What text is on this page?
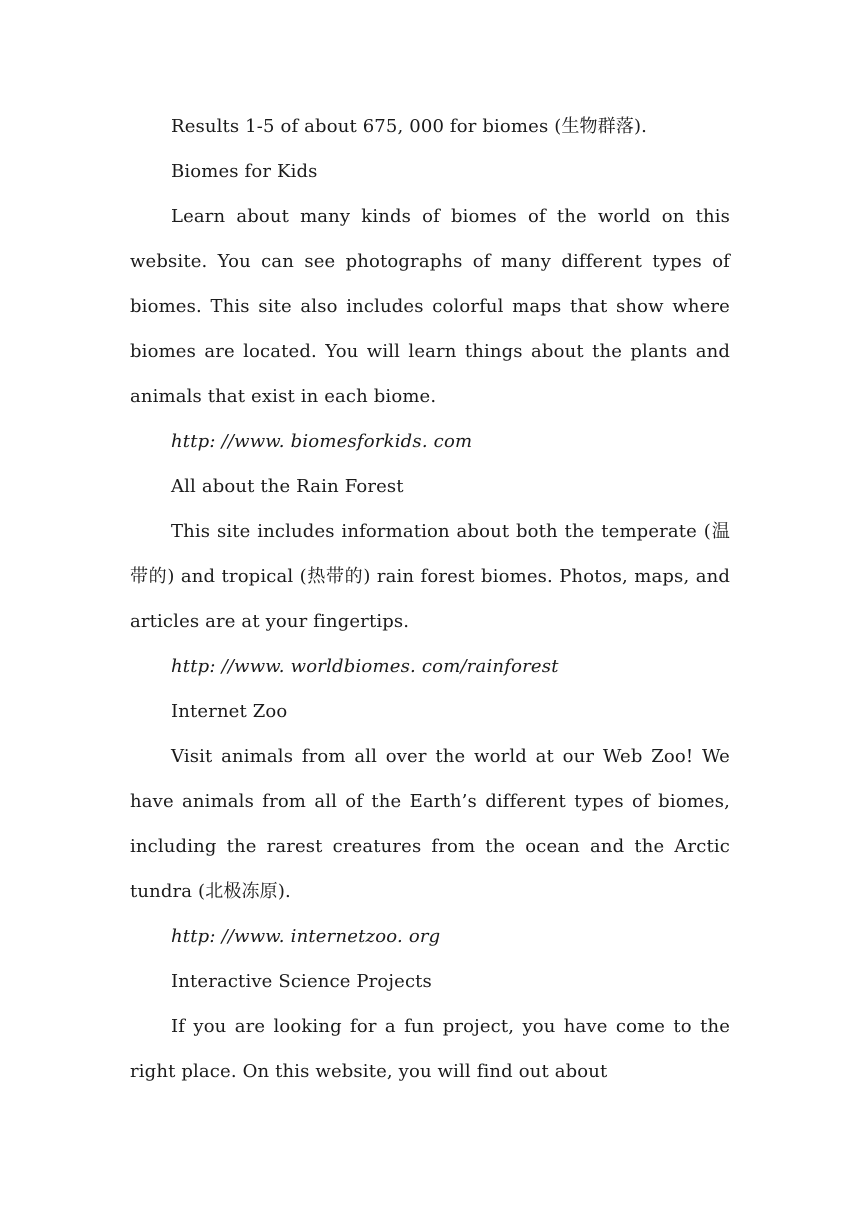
Results 1-5 of about 675, 000 for biomes (生物群落).

Biomes for Kids

Learn about many kinds of biomes of the world on this website. You can see photographs of many different types of biomes. This site also includes colorful maps that show where biomes are located. You will learn things about the plants and animals that exist in each biome.

http: //www. biomesforkids. com

All about the Rain Forest

This site includes information about both the temperate (温带的) and tropical (热带的) rain forest biomes. Photos, maps, and articles are at your fingertips.

http: //www. worldbiomes. com/rainforest

Internet Zoo

Visit animals from all over the world at our Web Zoo! We have animals from all of the Earth’s different types of biomes, including the rarest creatures from the ocean and the Arctic tundra (北极冻原).

http: //www. internetzoo. org

Interactive Science Projects

If you are looking for a fun project, you have come to the right place. On this website, you will find out about
